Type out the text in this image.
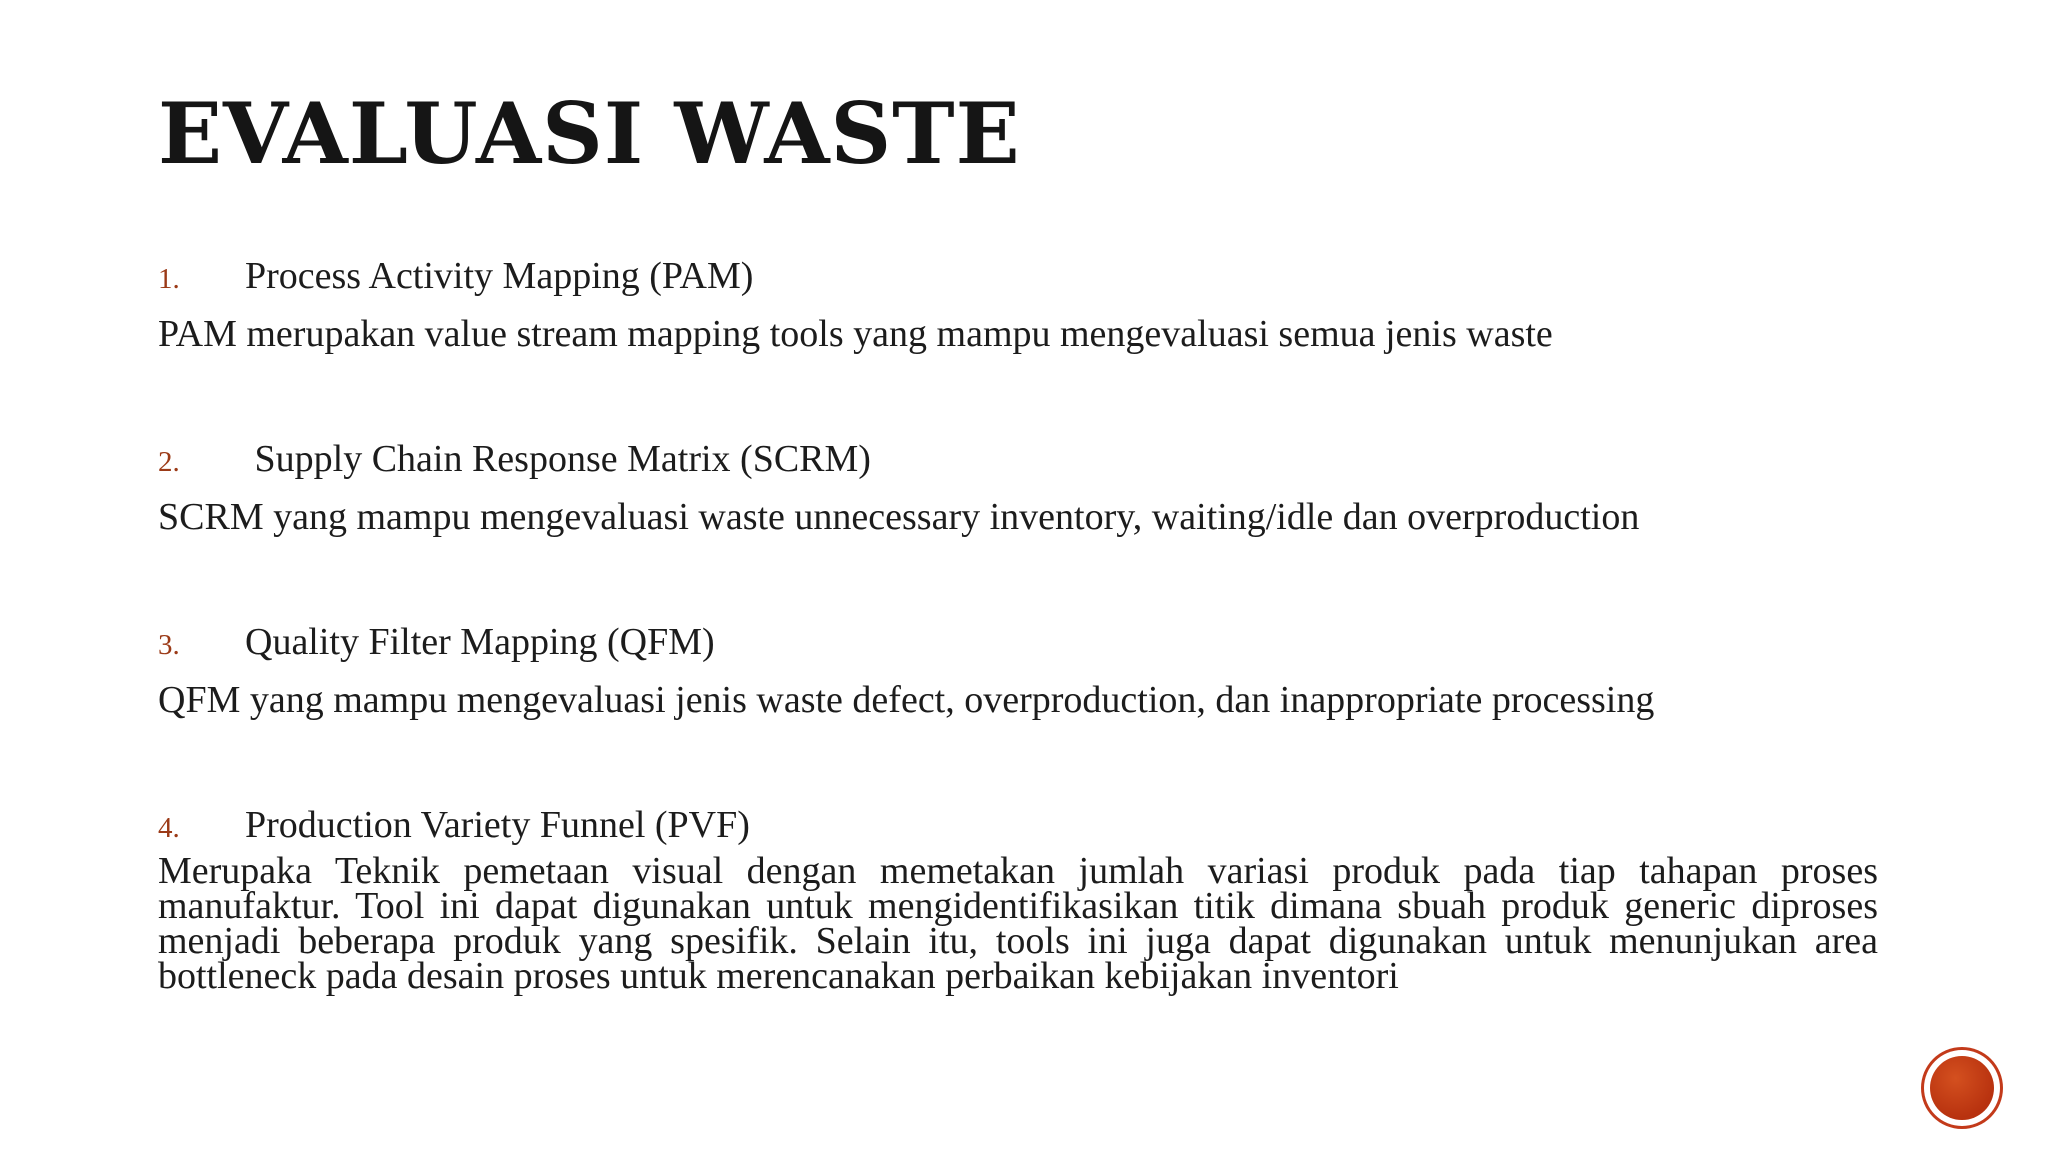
EVALUASI WASTE
1.	Process Activity Mapping (PAM)
PAM merupakan value stream mapping tools yang mampu mengevaluasi semua jenis waste
2.	Supply Chain Response Matrix (SCRM)
SCRM yang mampu mengevaluasi waste unnecessary inventory, waiting/idle dan overproduction
3.	Quality Filter Mapping (QFM)
QFM yang mampu mengevaluasi jenis waste defect, overproduction, dan inappropriate processing
4.	Production Variety Funnel (PVF)
Merupaka Teknik pemetaan visual dengan memetakan jumlah variasi produk pada tiap tahapan proses manufaktur. Tool ini dapat digunakan untuk mengidentifikasikan titik dimana sbuah produk generic diproses menjadi beberapa produk yang spesifik. Selain itu, tools ini juga dapat digunakan untuk menunjukan area bottleneck pada desain proses untuk merencanakan perbaikan kebijakan inventori
